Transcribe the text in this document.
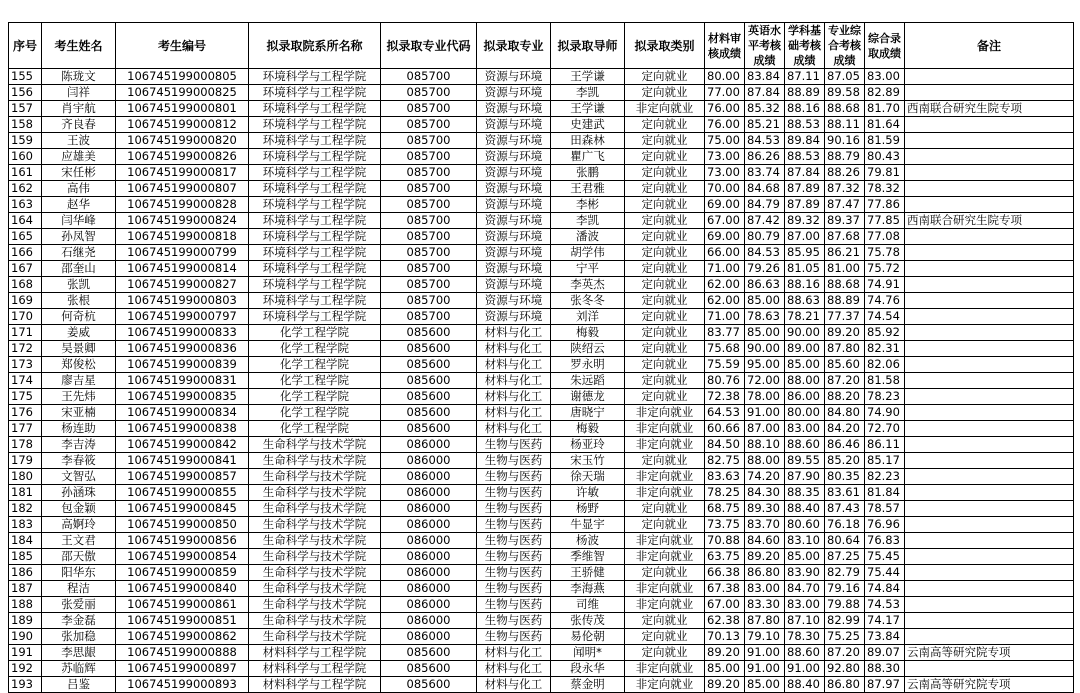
序号	考生姓名	考生编号	拟录取院系所名称	拟录取专业代码	拟录取专业	拟录取导师	拟录取类别	材料审核成绩	英语水平考核成绩	学科基础考核成绩	专业综合考核成绩	综合录取成绩	备注
155	陈珑文	106745199000805	环境科学与工程学院	085700	资源与环境	王学谦	定向就业	80.00	83.84	87.11	87.05	83.00	
156	闫祥	106745199000825	环境科学与工程学院	085700	资源与环境	李凯	定向就业	77.00	87.84	88.89	89.58	82.89	
157	肖宇航	106745199000801	环境科学与工程学院	085700	资源与环境	王学谦	非定向就业	76.00	85.32	88.16	88.68	81.70	西南联合研究生院专项
158	齐良春	106745199000812	环境科学与工程学院	085700	资源与环境	史建武	定向就业	76.00	85.21	88.53	88.11	81.64	
159	王波	106745199000820	环境科学与工程学院	085700	资源与环境	田森林	定向就业	75.00	84.53	89.84	90.16	81.59	
160	应雄美	106745199000826	环境科学与工程学院	085700	资源与环境	瞿广飞	定向就业	73.00	86.26	88.53	88.79	80.43	
161	宋任彬	106745199000817	环境科学与工程学院	085700	资源与环境	张鹏	定向就业	73.00	83.74	87.84	88.26	79.81	
162	高伟	106745199000807	环境科学与工程学院	085700	资源与环境	王君雅	定向就业	70.00	84.68	87.89	87.32	78.32	
163	赵华	106745199000828	环境科学与工程学院	085700	资源与环境	李彬	定向就业	69.00	84.79	87.89	87.47	77.86	
164	闫华峰	106745199000824	环境科学与工程学院	085700	资源与环境	李凯	定向就业	67.00	87.42	89.32	89.37	77.85	西南联合研究生院专项
165	孙凤智	106745199000818	环境科学与工程学院	085700	资源与环境	潘波	定向就业	69.00	80.79	87.00	87.68	77.08	
166	石继尧	106745199000799	环境科学与工程学院	085700	资源与环境	胡学伟	定向就业	66.00	84.53	85.95	86.21	75.78	
167	邵奎山	106745199000814	环境科学与工程学院	085700	资源与环境	宁平	定向就业	71.00	79.26	81.05	81.00	75.72	
168	张凯	106745199000827	环境科学与工程学院	085700	资源与环境	李英杰	定向就业	62.00	86.63	88.16	88.68	74.91	
169	张根	106745199000803	环境科学与工程学院	085700	资源与环境	张冬冬	定向就业	62.00	85.00	88.63	88.89	74.76	
170	何奇杭	106745199000797	环境科学与工程学院	085700	资源与环境	刘洋	定向就业	71.00	78.63	78.21	77.37	74.54	
171	姜威	106745199000833	化学工程学院	085600	材料与化工	梅毅	定向就业	83.77	85.00	90.00	89.20	85.92	
172	吴景卿	106745199000836	化学工程学院	085600	材料与化工	陕绍云	定向就业	75.68	90.00	89.00	87.80	82.31	
173	郑俊松	106745199000839	化学工程学院	085600	材料与化工	罗永明	定向就业	75.59	95.00	85.00	85.60	82.06	
174	廖吉星	106745199000831	化学工程学院	085600	材料与化工	朱远蹈	定向就业	80.76	72.00	88.00	87.20	81.58	
175	王先炜	106745199000835	化学工程学院	085600	材料与化工	谢德龙	定向就业	72.38	78.00	86.00	88.20	78.23	
176	宋亚楠	106745199000834	化学工程学院	085600	材料与化工	唐晓宁	非定向就业	64.53	91.00	80.00	84.80	74.90	
177	杨连助	106745199000838	化学工程学院	085600	材料与化工	梅毅	非定向就业	60.66	87.00	83.00	84.20	72.70	
178	李吉涛	106745199000842	生命科学与技术学院	086000	生物与医药	杨亚玲	非定向就业	84.50	88.10	88.60	86.46	86.11	
179	李春筱	106745199000841	生命科学与技术学院	086000	生物与医药	宋玉竹	定向就业	82.75	88.00	89.55	85.20	85.17	
180	文智弘	106745199000857	生命科学与技术学院	086000	生物与医药	徐天瑞	非定向就业	83.63	74.20	87.90	80.35	82.23	
181	孙涵珠	106745199000855	生命科学与技术学院	086000	生物与医药	许敏	非定向就业	78.25	84.30	88.35	83.61	81.84	
182	包金颖	106745199000845	生命科学与技术学院	086000	生物与医药	杨野	定向就业	68.75	89.30	88.40	87.43	78.57	
183	高婀玲	106745199000850	生命科学与技术学院	086000	生物与医药	牛显宇	定向就业	73.75	83.70	80.60	76.18	76.96	
184	王文君	106745199000856	生命科学与技术学院	086000	生物与医药	杨波	非定向就业	70.88	84.60	83.10	80.64	76.83	
185	邵天傲	106745199000854	生命科学与技术学院	086000	生物与医药	季维智	非定向就业	63.75	89.20	85.00	87.25	75.45	
186	阳华东	106745199000859	生命科学与技术学院	086000	生物与医药	王骄健	定向就业	66.38	86.80	83.90	82.79	75.44	
187	程洁	106745199000840	生命科学与技术学院	086000	生物与医药	李海燕	非定向就业	67.38	83.00	84.70	79.16	74.84	
188	张爱丽	106745199000861	生命科学与技术学院	086000	生物与医药	司维	非定向就业	67.00	83.30	83.00	79.88	74.53	
189	李金磊	106745199000851	生命科学与技术学院	086000	生物与医药	张传茂	定向就业	62.38	87.80	87.10	82.99	74.17	
190	张加稳	106745199000862	生命科学与技术学院	086000	生物与医药	易伦朝	定向就业	70.13	79.10	78.30	75.25	73.84	
191	李思龈	106745199000888	材料科学与工程学院	085600	材料与化工	闻明*	定向就业	89.20	91.00	88.60	87.20	89.07	云南高等研究院专项
192	苏临辉	106745199000897	材料科学与工程学院	085600	材料与化工	段永华	非定向就业	85.00	91.00	91.00	92.80	88.30	
193	吕鉴	106745199000893	材料科学与工程学院	085600	材料与化工	蔡金明	非定向就业	89.20	85.00	88.40	86.80	87.97	云南高等研究院专项
